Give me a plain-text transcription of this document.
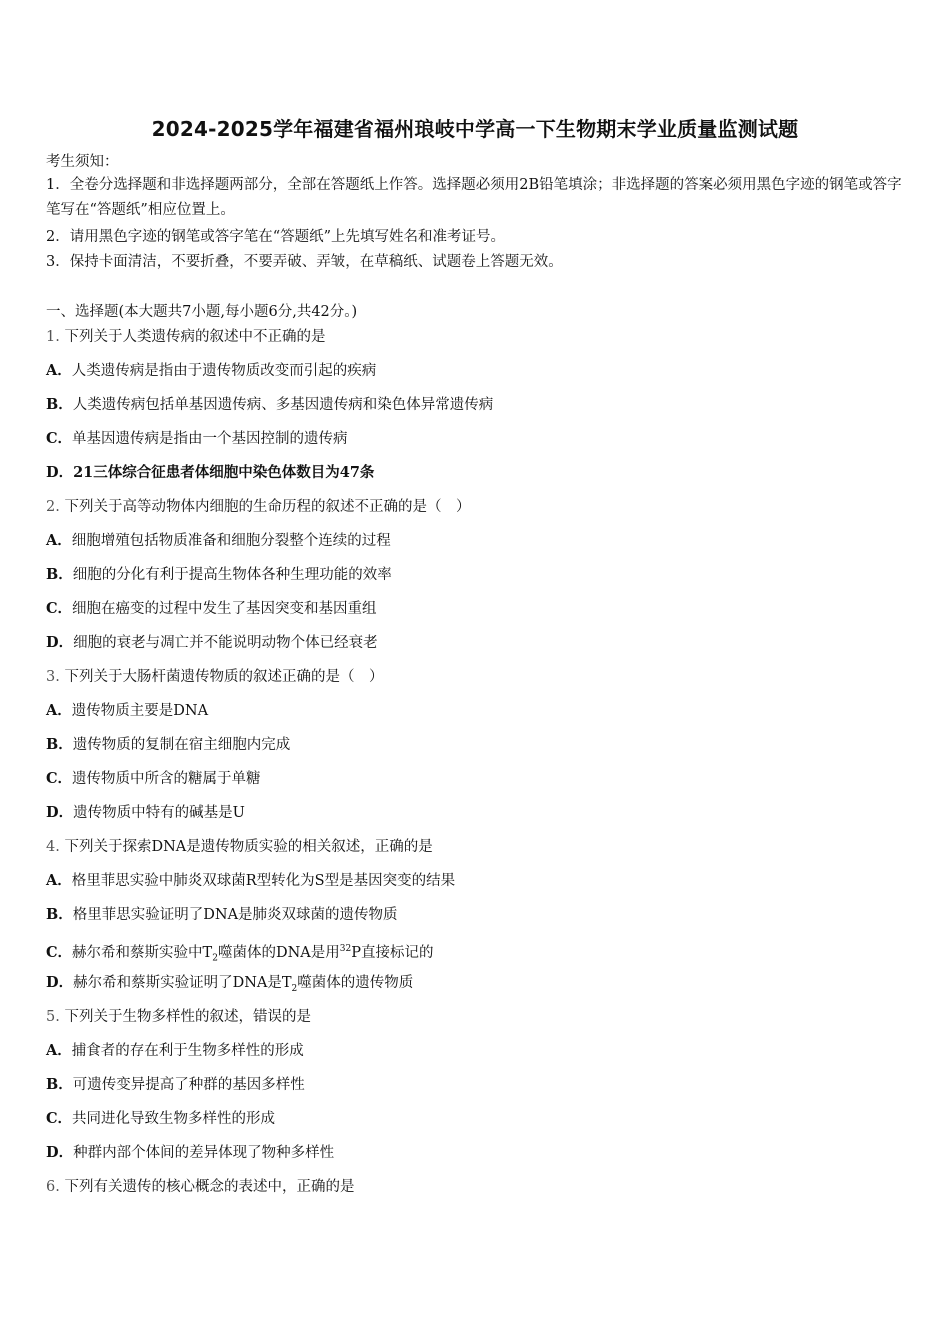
2024-2025学年福建省福州琅岐中学高一下生物期末学业质量监测试题
考生须知：
1．全卷分选择题和非选择题两部分，全部在答题纸上作答。选择题必须用2B铅笔填涂；非选择题的答案必须用黑色字迹的钢笔或答字笔写在“答题纸”相应位置上。
2．请用黑色字迹的钢笔或答字笔在“答题纸”上先填写姓名和准考证号。
3．保持卡面清洁，不要折叠，不要弄破、弄皱，在草稿纸、试题卷上答题无效。
一、选择题(本大题共7小题,每小题6分,共42分。)
1. 下列关于人类遗传病的叙述中不正确的是
A．人类遗传病是指由于遗传物质改变而引起的疾病
B．人类遗传病包括单基因遗传病、多基因遗传病和染色体异常遗传病
C．单基因遗传病是指由一个基因控制的遗传病
D．21三体综合征患者体细胞中染色体数目为47条
2. 下列关于高等动物体内细胞的生命历程的叙述不正确的是（　）
A．细胞增殖包括物质准备和细胞分裂整个连续的过程
B．细胞的分化有利于提高生物体各种生理功能的效率
C．细胞在癌变的过程中发生了基因突变和基因重组
D．细胞的衰老与凋亡并不能说明动物个体已经衰老
3. 下列关于大肠杆菌遗传物质的叙述正确的是（　）
A．遗传物质主要是DNA
B．遗传物质的复制在宿主细胞内完成
C．遗传物质中所含的糖属于单糖
D．遗传物质中特有的碱基是U
4. 下列关于探索DNA是遗传物质实验的相关叙述，正确的是
A．格里菲思实验中肺炎双球菌R型转化为S型是基因突变的结果
B．格里菲思实验证明了DNA是肺炎双球菌的遗传物质
C．赫尔希和蔡斯实验中$T_2$噬菌体的DNA是用$^{32}$P直接标记的
D．赫尔希和蔡斯实验证明了DNA是$T_2$噬菌体的遗传物质
5. 下列关于生物多样性的叙述，错误的是
A．捕食者的存在利于生物多样性的形成
B．可遗传变异提高了种群的基因多样性
C．共同进化导致生物多样性的形成
D．种群内部个体间的差异体现了物种多样性
6. 下列有关遗传的核心概念的表述中，正确的是
